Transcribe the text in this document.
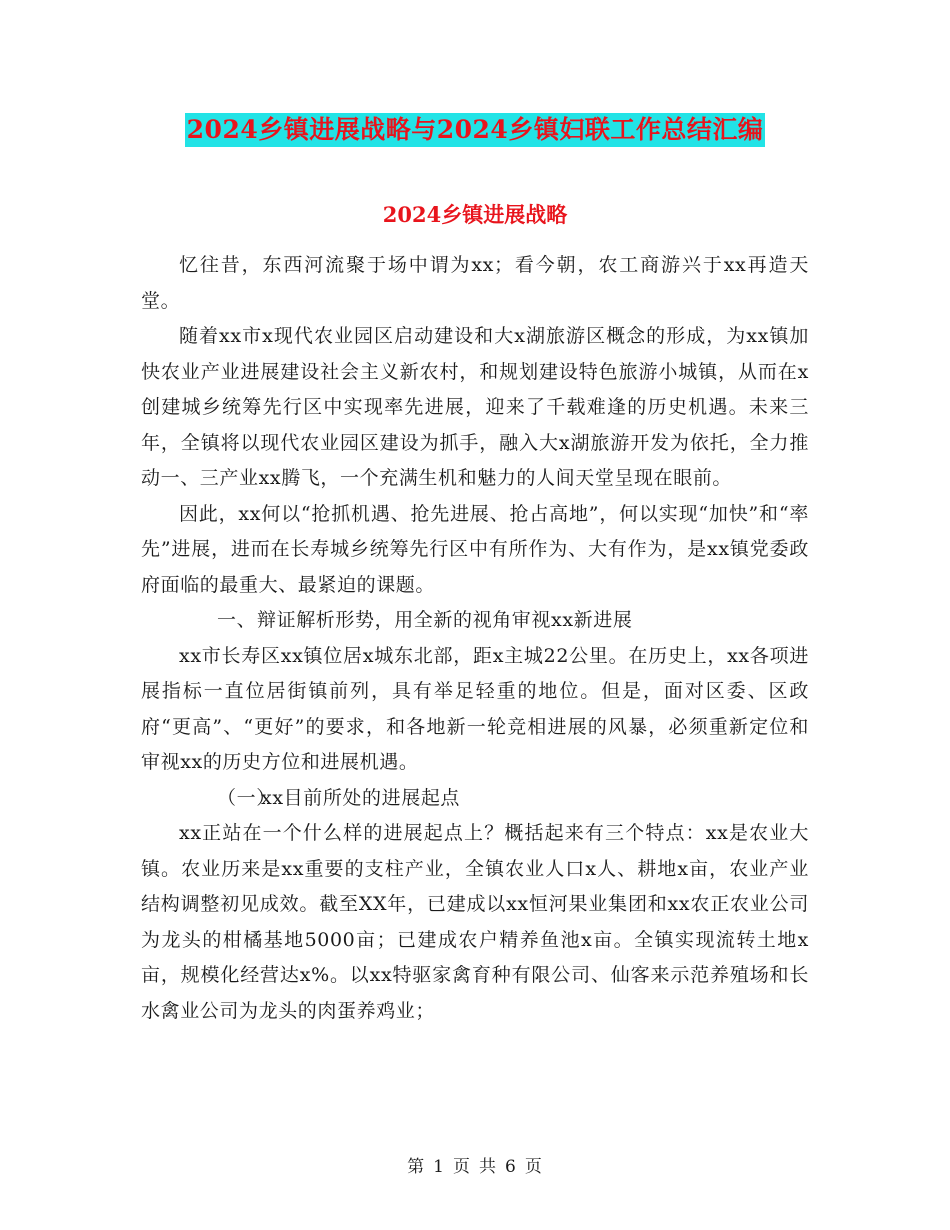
2024乡镇进展战略与2024乡镇妇联工作总结汇编
2024乡镇进展战略

忆往昔，东西河流聚于场中谓为xx；看今朝，农工商游兴于xx再造天堂。

随着xx市x现代农业园区启动建设和大x湖旅游区概念的形成，为xx镇加快农业产业进展建设社会主义新农村，和规划建设特色旅游小城镇，从而在x创建城乡统筹先行区中实现率先进展，迎来了千载难逢的历史机遇。未来三年，全镇将以现代农业园区建设为抓手，融入大x湖旅游开发为依托，全力推动一、三产业xx腾飞，一个充满生机和魅力的人间天堂呈现在眼前。

因此，xx何以“抢抓机遇、抢先进展、抢占高地”，何以实现“加快”和“率先”进展，进而在长寿城乡统筹先行区中有所作为、大有作为，是xx镇党委政府面临的最重大、最紧迫的课题。

一、辩证解析形势，用全新的视角审视xx新进展

xx市长寿区xx镇位居x城东北部，距x主城22公里。在历史上，xx各项进展指标一直位居街镇前列，具有举足轻重的地位。但是，面对区委、区政府“更高”、“更好”的要求，和各地新一轮竞相进展的风暴，必须重新定位和审视xx的历史方位和进展机遇。

（一）xx目前所处的进展起点

xx正站在一个什么样的进展起点上？概括起来有三个特点：xx是农业大镇。农业历来是xx重要的支柱产业，全镇农业人口x人、耕地x亩，农业产业结构调整初见成效。截至XX年，已建成以xx恒河果业集团和xx农正农业公司为龙头的柑橘基地5000亩；已建成农户精养鱼池x亩。全镇实现流转土地x亩，规模化经营达x%。以xx特驱家禽育种有限公司、仙客来示范养殖场和长水禽业公司为龙头的肉蛋养鸡业；

第 1 页 共 6 页
